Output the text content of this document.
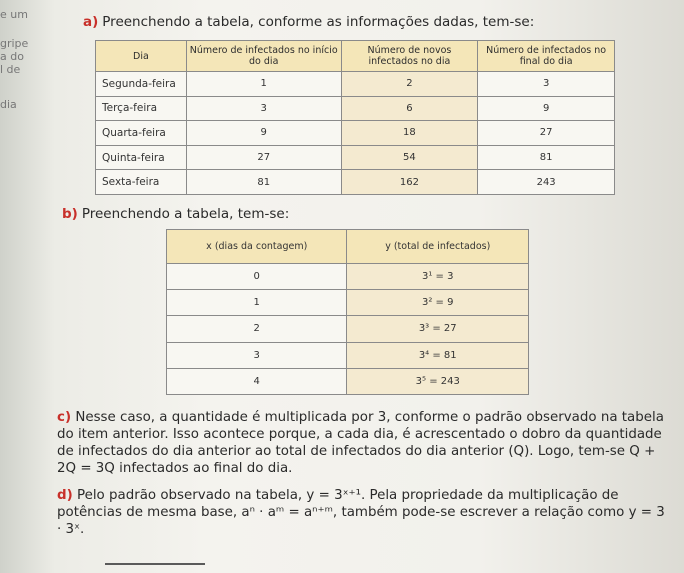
e um
gripe
a do
l de
dia
a) Preenchendo a tabela, conforme as informações dadas, tem-se:
Dia	Número de infectados no início do dia	Número de novos infectados no dia	Número de infectados no final do dia
Segunda-feira	1	2	3
Terça-feira	3	6	9
Quarta-feira	9	18	27
Quinta-feira	27	54	81
Sexta-feira	81	162	243
b) Preenchendo a tabela, tem-se:
x (dias da contagem)	y (total de infectados)
0	3¹ = 3
1	3² = 9
2	3³ = 27
3	3⁴ = 81
4	3⁵ = 243

c) Nesse caso, a quantidade é multiplicada por 3, conforme o padrão observado na tabela do item anterior. Isso acontece porque, a cada dia, é acrescentado o dobro da quantidade de infectados do dia anterior ao total de infectados do dia anterior (Q). Logo, tem-se Q + 2Q = 3Q infectados ao final do dia.

d) Pelo padrão observado na tabela, y = 3ˣ⁺¹. Pela propriedade da multiplicação de potências de mesma base, aⁿ · aᵐ = aⁿ⁺ᵐ, também pode-se escrever a relação como y = 3 · 3ˣ.
